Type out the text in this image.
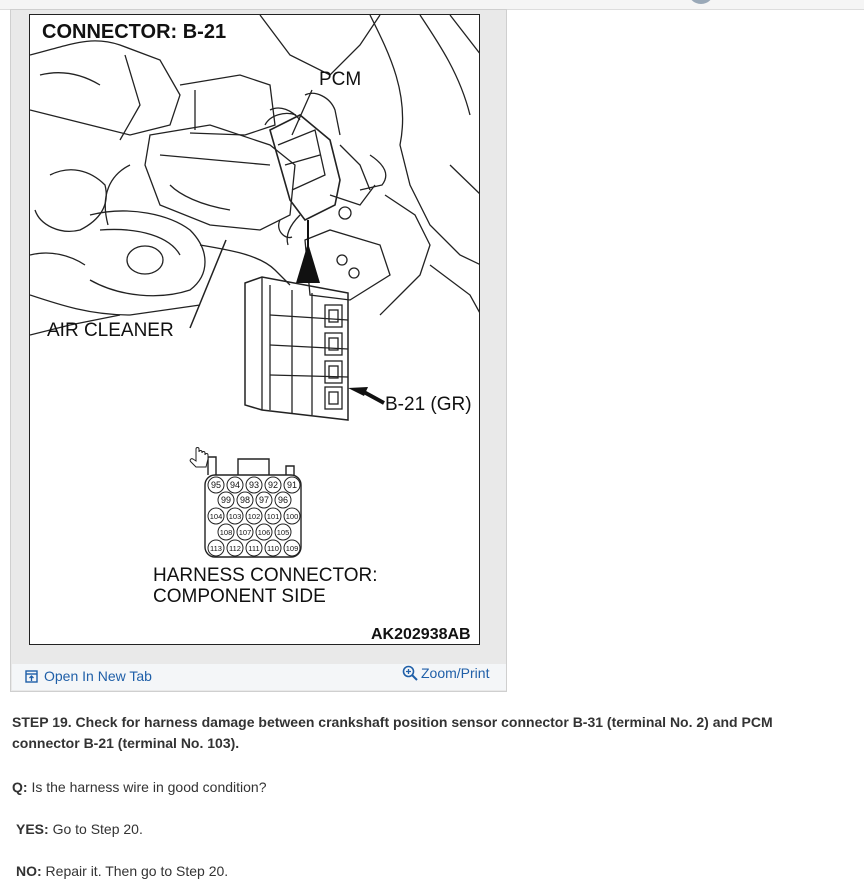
95 94 93 92 91
99 98 97 96
104 103 102 101 100
108 107 106 105
113 112 111 110 109
CONNECTOR: B-21
PCM
AIR CLEANER
B-21 (GR)
HARNESS CONNECTOR:
COMPONENT SIDE
AK202938AB
Open In New Tab	Zoom/Print
STEP 19. Check for harness damage between crankshaft position sensor connector B-31 (terminal No. 2) and PCM connector B-21 (terminal No. 103).
Q: Is the harness wire in good condition?
YES: Go to Step 20.
NO: Repair it. Then go to Step 20.
